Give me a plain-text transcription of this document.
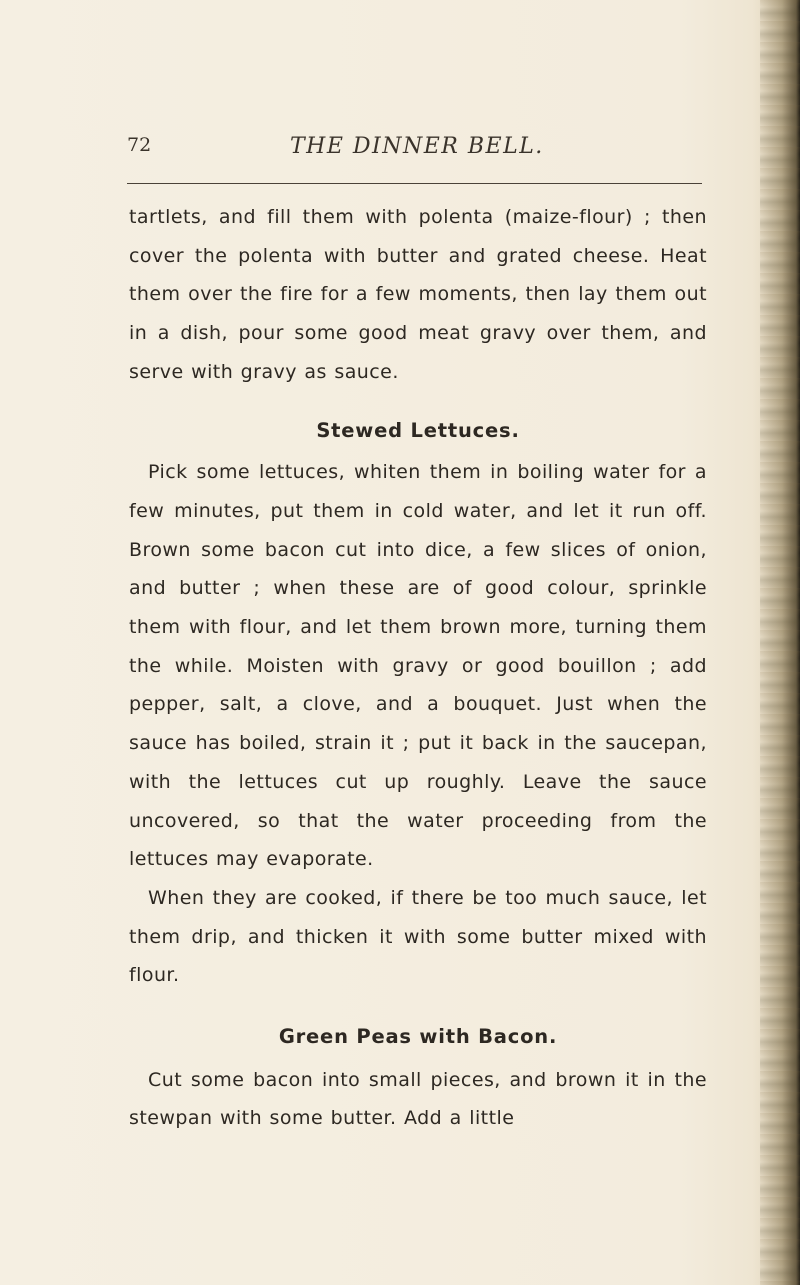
72	THE DINNER BELL.

tartlets, and fill them with polenta (maize-flour) ; then cover the polenta with butter and grated cheese. Heat them over the fire for a few moments, then lay them out in a dish, pour some good meat gravy over them, and serve with gravy as sauce.

Stewed Lettuces.

Pick some lettuces, whiten them in boiling water for a few minutes, put them in cold water, and let it run off. Brown some bacon cut into dice, a few slices of onion, and butter ; when these are of good colour, sprinkle them with flour, and let them brown more, turning them the while. Moisten with gravy or good bouillon ; add pepper, salt, a clove, and a bouquet. Just when the sauce has boiled, strain it ; put it back in the saucepan, with the lettuces cut up roughly. Leave the sauce uncovered, so that the water proceeding from the lettuces may evaporate.

When they are cooked, if there be too much sauce, let them drip, and thicken it with some butter mixed with flour.

Green Peas with Bacon.

Cut some bacon into small pieces, and brown it in the stewpan with some butter. Add a little
